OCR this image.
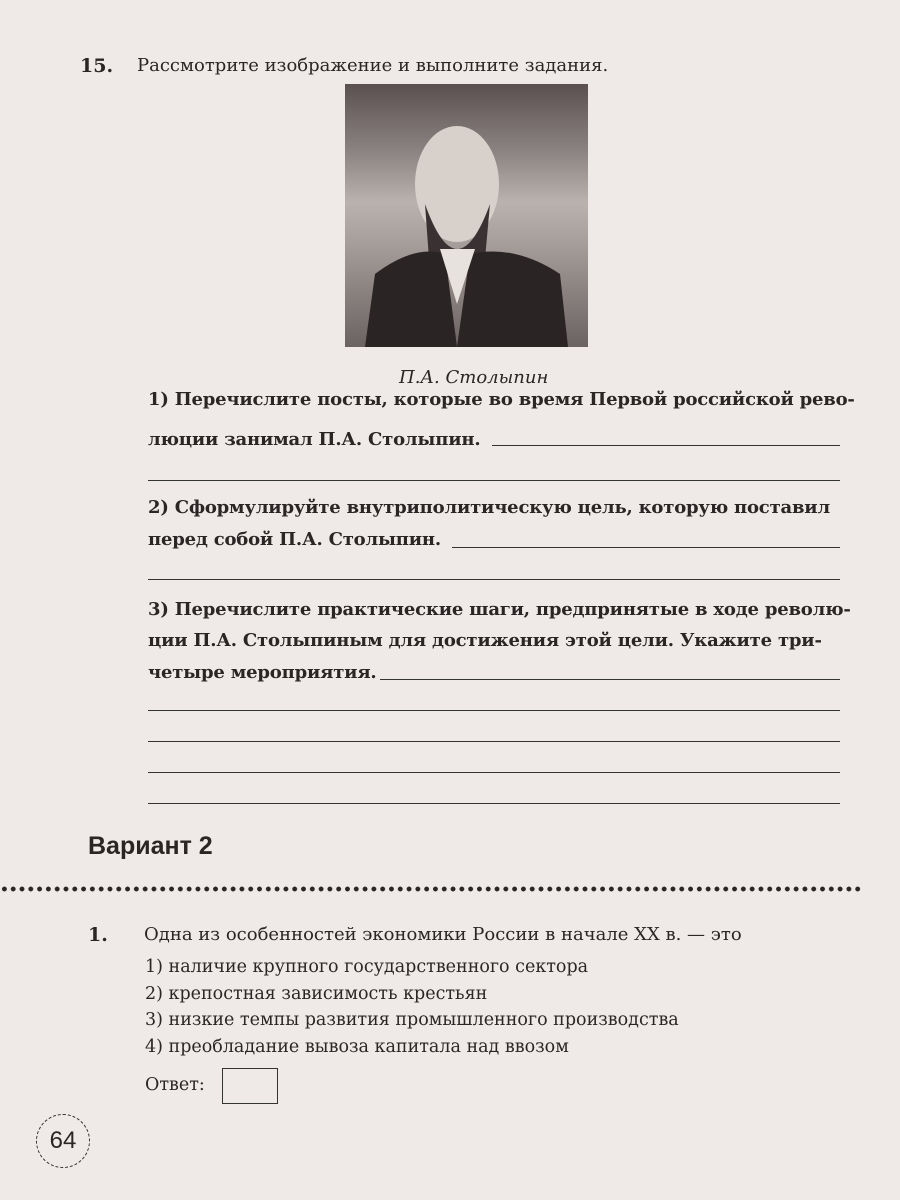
15. Рассмотрите изображение и выполните задания.
П.А. Столыпин
1) Перечислите посты, которые во время Первой российской рево-
люции занимал П.А. Столыпин.
2) Сформулируйте внутриполитическую цель, которую поставил
перед собой П.А. Столыпин.
3) Перечислите практические шаги, предпринятые в ходе револю-
ции П.А. Столыпиным для достижения этой цели. Укажите три-
четыре мероприятия.
Вариант 2
1. Одна из особенностей экономики России в начале XX в. — это
1) наличие крупного государственного сектора
2) крепостная зависимость крестьян
3) низкие темпы развития промышленного производства
4) преобладание вывоза капитала над ввозом
Ответ:
64
